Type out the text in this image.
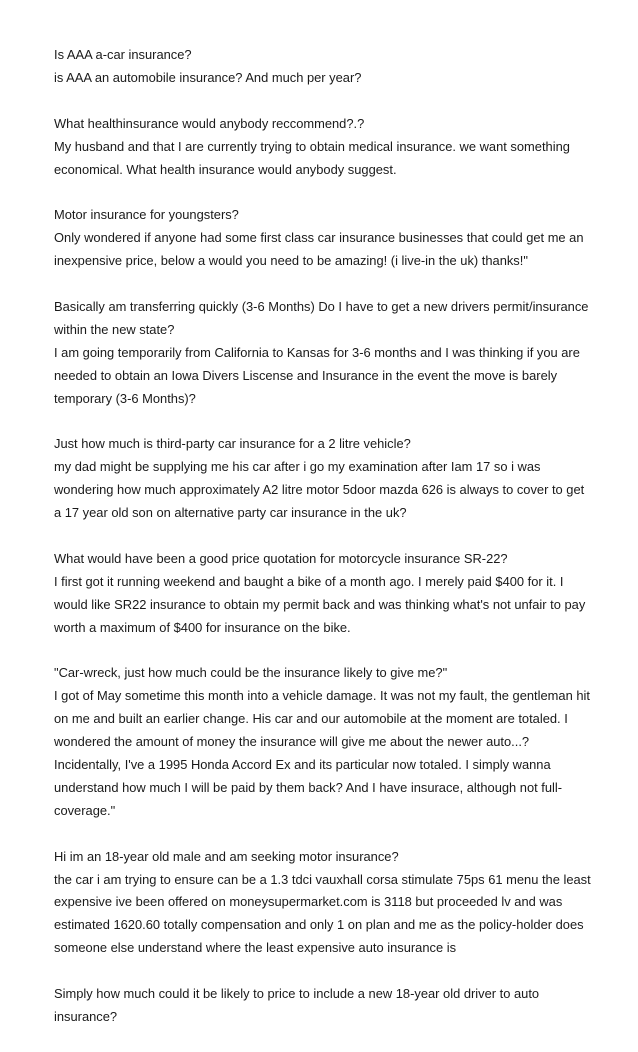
Is AAA a-car insurance?

is AAA an automobile insurance? And much per year?

What healthinsurance would anybody reccommend?.?

My husband and that I are currently trying to obtain medical insurance. we want something economical. What health insurance would anybody suggest.

Motor insurance for youngsters?

Only wondered if anyone had some first class car insurance businesses that could get me an inexpensive price, below a would you need to be amazing! (i live-in the uk) thanks!"

Basically am transferring quickly (3-6 Months) Do I have to get a new drivers permit/insurance within the new state?

I am going temporarily from California to Kansas for 3-6 months and I was thinking if you are needed to obtain an Iowa Divers Liscense and Insurance in the event the move is barely temporary (3-6 Months)?

Just how much is third-party car insurance for a 2 litre vehicle?

my dad might be supplying me his car after i go my examination after Iam 17 so i was wondering how much approximately A2 litre motor 5door mazda 626 is always to cover to get a 17 year old son on alternative party car insurance in the uk?

What would have been a good price quotation for motorcycle insurance SR-22?

I first got it running weekend and baught a bike of a month ago. I merely paid $400 for it. I would like SR22 insurance to obtain my permit back and was thinking what's not unfair to pay worth a maximum of $400 for insurance on the bike.

"Car-wreck, just how much could be the insurance likely to give me?"

I got of May sometime this month into a vehicle damage. It was not my fault, the gentleman hit on me and built an earlier change. His car and our automobile at the moment are totaled. I wondered the amount of money the insurance will give me about the newer auto...? Incidentally, I've a 1995 Honda Accord Ex and its particular now totaled. I simply wanna understand how much I will be paid by them back? And I have insurace, although not full-coverage."

Hi im an 18-year old male and am seeking motor insurance?

the car i am trying to ensure can be a 1.3 tdci vauxhall corsa stimulate 75ps 61 menu the least expensive ive been offered on moneysupermarket.com is 3118 but proceeded lv and was estimated 1620.60 totally compensation and only 1 on plan and me as the policy-holder does someone else understand where the least expensive auto insurance is

Simply how much could it be likely to price to include a new 18-year old driver to auto insurance?
